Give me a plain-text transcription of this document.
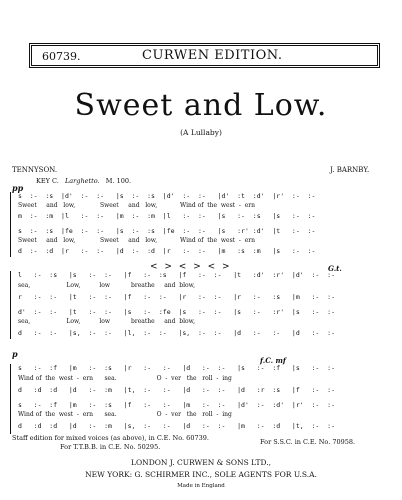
60739.	CURWEN EDITION.
Sweet and Low.
(A Lullaby)
TENNYSON.	J. BARNBY.
KEY C. Larghetto. M. 100.
pp
s  :-  :s  |d'  :-  :-   |s  :-  :s  |d'  :-  :-   |d'  :t  :d'  |r'  :-  :-
Sweet     and   low,             Sweet     and   low,            Wind of  the  west  -  ern
m  :-  :m  |l   :-  :-   |m  :-  :m  |l   :-  :-   |s   :-  :s   |s   :-  :-
s  :-  :s  |fe  :-  :-   |s  :-  :s  |fe  :-  :-   |s   :r' :d'  |t   :-  :-
Sweet     and   low,             Sweet     and   low,            Wind of  the  west  -  ern
d  :-  :d  |r   :-  :-   |d  :-  :d  |r   :-  :-   |m   :s  :m   |s   :-  :-
< > < > < >	G.t.
l   :-  :s   |s   :-  :-   |f   :-  :s   |f   :-  :-   |t   :d'  :r'  |d'  :-  :-
sea,                   Low,          low           breathe     and  blow,
r   :-  :-   |t   :-  :-   |f   :-  :-   |r   :-  :-   |r   :-   :s   |m   :-  :-
d'  :-  :-   |t   :-  :-   |s   :-  :fe  |s   :-  :-   |s   :-   :r'  |s   :-  :-
sea,                   Low,          low           breathe     and  blow,
d   :-  :-   |s,  :-  :-   |l,  :-  :-   |s,  :-  :-   |d   :-   :-   |d   :-  :-
p
f.C. mf
s   :-  :f   |m   :-  :s   |r   :-   :-   |d   :-  :-   |s   :-  :f   |s   :-  :-
Wind of  the  west  -  ern      sea.                     O  -  ver   the   roll  -  ing
d   :d  :d   |d   :-  :m   |t,  :-   :-   |d   :-  :-   |d   :r  :s   |f   :-  :-
s   :-  :f   |m   :-  :s   |f   :-   :-   |m   :-  :-   |d'  :-  :d'  |r'  :-  :-
Wind of  the  west  -  ern      sea.                     O  -  ver   the   roll  -  ing
d   :d  :d   |d   :-  :m   |s,  :-   :-   |d   :-  :-   |m   :-  :d   |t,  :-  :-
Staff edition for mixed voices (as above), in C.E. No. 60739.
For T.T.B.B. in C.E. No. 50295.
For S.S.C. in C.E. No. 70958.
LONDON J. CURWEN & SONS LTD.,
NEW YORK: G. SCHIRMER INC., SOLE AGENTS FOR U.S.A.
Made in England
